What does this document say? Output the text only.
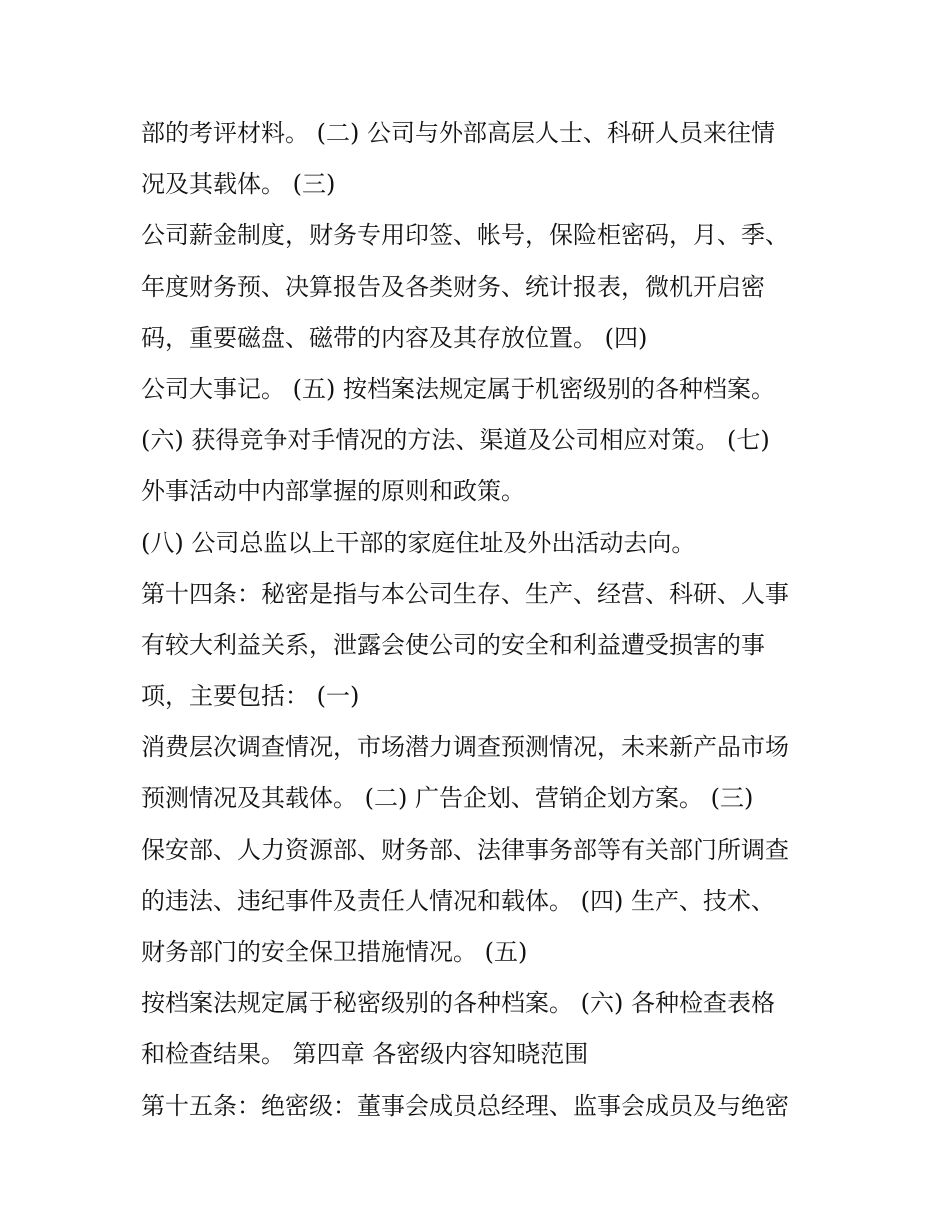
部的考评材料。 (二) 公司与外部高层人士、科研人员来往情
况及其载体。 (三)
公司薪金制度，财务专用印签、帐号，保险柜密码，月、季、
年度财务预、决算报告及各类财务、统计报表，微机开启密
码，重要磁盘、磁带的内容及其存放位置。 (四)
公司大事记。 (五) 按档案法规定属于机密级别的各种档案。
(六) 获得竞争对手情况的方法、渠道及公司相应对策。 (七)
外事活动中内部掌握的原则和政策。
(八) 公司总监以上干部的家庭住址及外出活动去向。
第十四条：秘密是指与本公司生存、生产、经营、科研、人事
有较大利益关系，泄露会使公司的安全和利益遭受损害的事
项，主要包括： (一)
消费层次调查情况，市场潜力调查预测情况，未来新产品市场
预测情况及其载体。 (二) 广告企划、营销企划方案。 (三)
保安部、人力资源部、财务部、法律事务部等有关部门所调查
的违法、违纪事件及责任人情况和载体。 (四) 生产、技术、
财务部门的安全保卫措施情况。 (五)
按档案法规定属于秘密级别的各种档案。 (六) 各种检查表格
和检查结果。 第四章 各密级内容知晓范围
第十五条：绝密级：董事会成员总经理、监事会成员及与绝密
